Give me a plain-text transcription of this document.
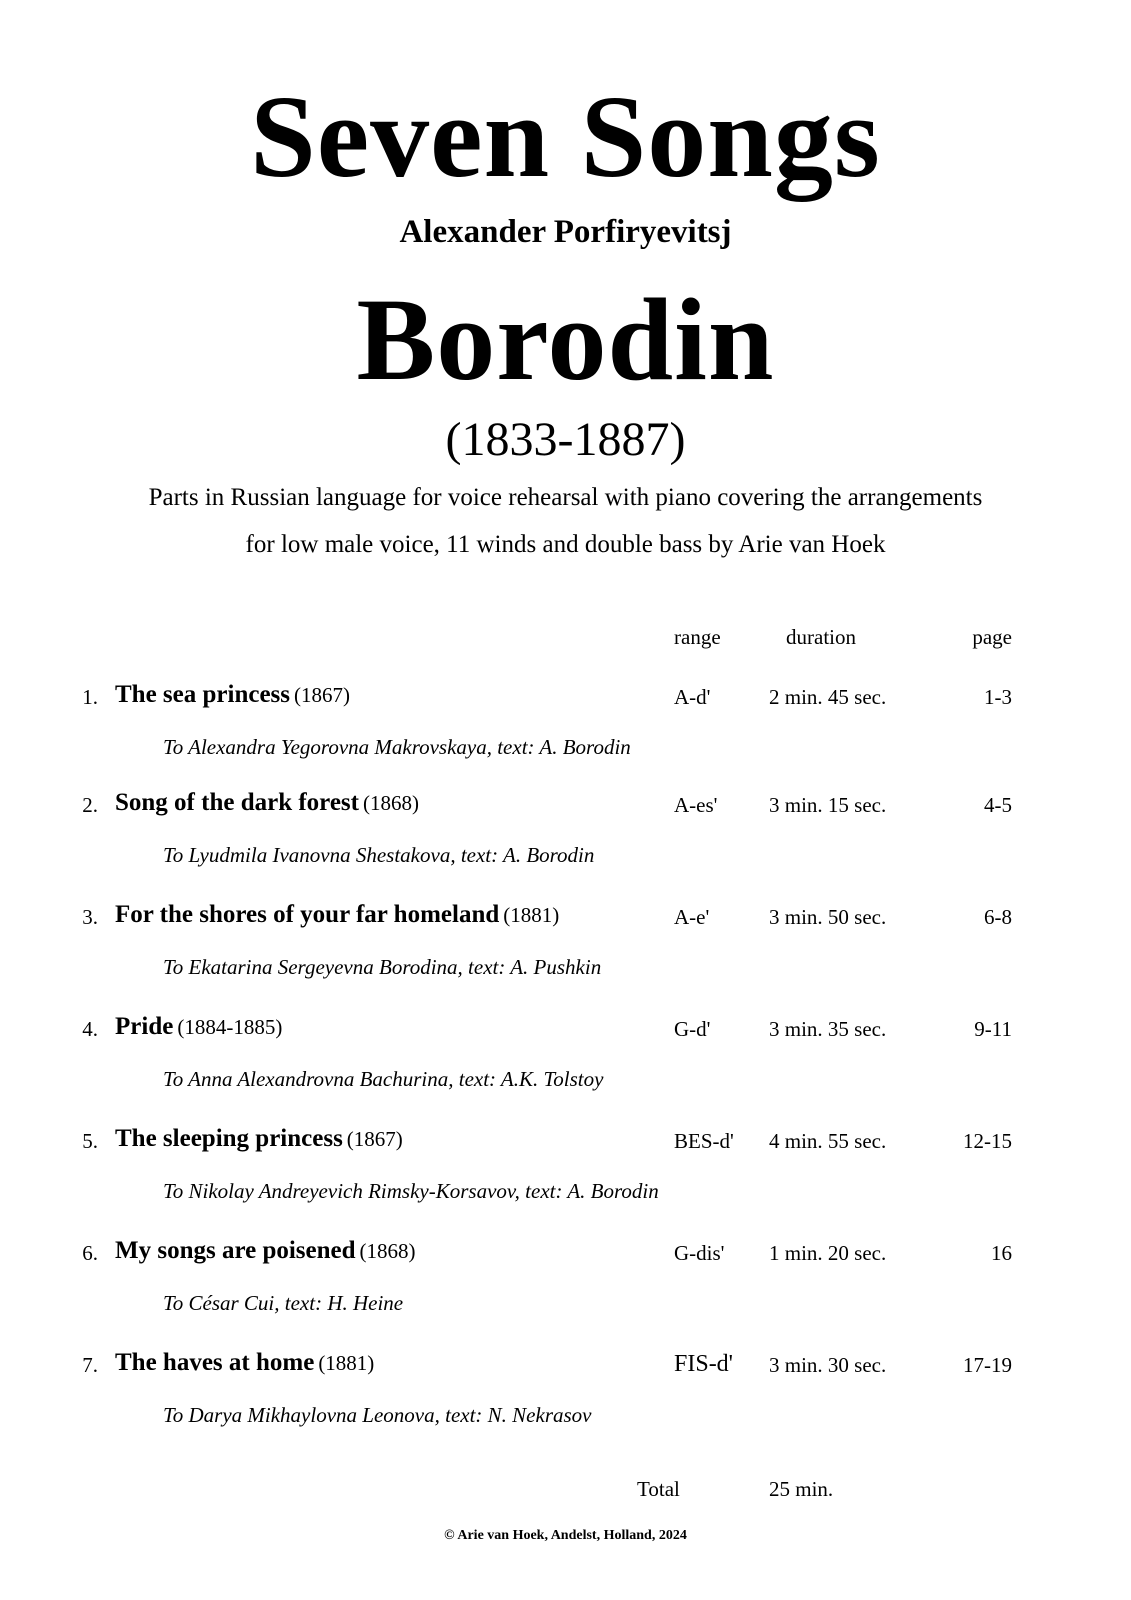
Seven Songs
Alexander Porfiryevitsj
Borodin
(1833-1887)
Parts in Russian language for voice rehearsal with piano covering the arrangements
for low male voice, 11 winds and double bass by Arie van Hoek
range	duration	page
1. The sea princess (1867)	A-d'	2 min. 45 sec.	1-3
To Alexandra Yegorovna Makrovskaya, text: A. Borodin
2. Song of the dark forest (1868)	A-es' 3 min. 15 sec.	4-5
To Lyudmila Ivanovna Shestakova, text: A. Borodin
3. For the shores of your far homeland (1881)	A-e'	3 min. 50 sec.	6-8
To Ekatarina Sergeyevna Borodina, text: A. Pushkin
4. Pride (1884-1885)	G-d'	3 min. 35 sec.	9-11
To Anna Alexandrovna Bachurina, text: A.K. Tolstoy
5. The sleeping princess (1867)	BES-d' 4 min. 55 sec.	12-15
To Nikolay Andreyevich Rimsky-Korsavov, text: A. Borodin
6. My songs are poisened (1868)	G-dis' 1 min. 20 sec.	16
To César Cui, text: H. Heine
7. The haves at home (1881)	FIS-d' 3 min. 30 sec.	17-19
To Darya Mikhaylovna Leonova, text: N. Nekrasov
Total	25 min.
© Arie van Hoek, Andelst, Holland, 2024
